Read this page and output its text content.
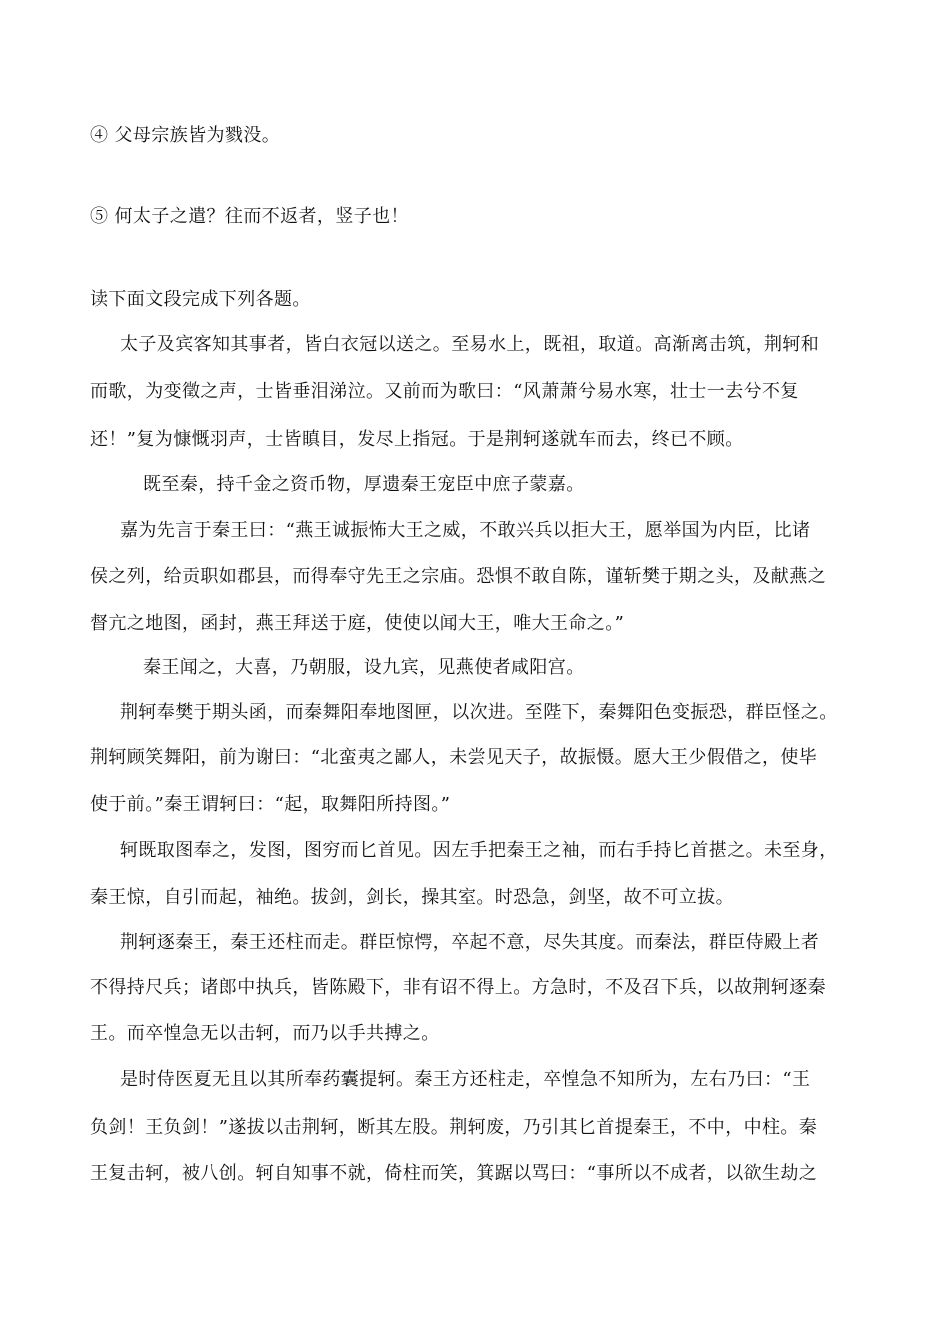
④ 父母宗族皆为戮没。
⑤ 何太子之遣？往而不返者，竖子也！
读下面文段完成下列各题。
太子及宾客知其事者，皆白衣冠以送之。至易水上，既祖，取道。高渐离击筑，荆轲和
而歌，为变徵之声，士皆垂泪涕泣。又前而为歌曰：“风萧萧兮易水寒，壮士一去兮不复
还！”复为慷慨羽声，士皆瞋目，发尽上指冠。于是荆轲遂就车而去，终已不顾。
既至秦，持千金之资币物，厚遗秦王宠臣中庶子蒙嘉。
嘉为先言于秦王曰：“燕王诚振怖大王之威，不敢兴兵以拒大王，愿举国为内臣，比诸
侯之列，给贡职如郡县，而得奉守先王之宗庙。恐惧不敢自陈，谨斩樊于期之头，及献燕之
督亢之地图，函封，燕王拜送于庭，使使以闻大王，唯大王命之。”
秦王闻之，大喜，乃朝服，设九宾，见燕使者咸阳宫。
荆轲奉樊于期头函，而秦舞阳奉地图匣，以次进。至陛下，秦舞阳色变振恐，群臣怪之。
荆轲顾笑舞阳，前为谢曰：“北蛮夷之鄙人，未尝见天子，故振慑。愿大王少假借之，使毕
使于前。”秦王谓轲曰：“起，取舞阳所持图。”
轲既取图奉之，发图，图穷而匕首见。因左手把秦王之袖，而右手持匕首揕之。未至身，
秦王惊，自引而起，袖绝。拔剑，剑长，操其室。时恐急，剑坚，故不可立拔。
荆轲逐秦王，秦王还柱而走。群臣惊愕，卒起不意，尽失其度。而秦法，群臣侍殿上者
不得持尺兵；诸郎中执兵，皆陈殿下，非有诏不得上。方急时，不及召下兵，以故荆轲逐秦
王。而卒惶急无以击轲，而乃以手共搏之。
是时侍医夏无且以其所奉药囊提轲。秦王方还柱走，卒惶急不知所为，左右乃曰：“王
负剑！王负剑！”遂拔以击荆轲，断其左股。荆轲废，乃引其匕首提秦王，不中，中柱。秦
王复击轲，被八创。轲自知事不就，倚柱而笑，箕踞以骂曰：“事所以不成者，以欲生劫之
